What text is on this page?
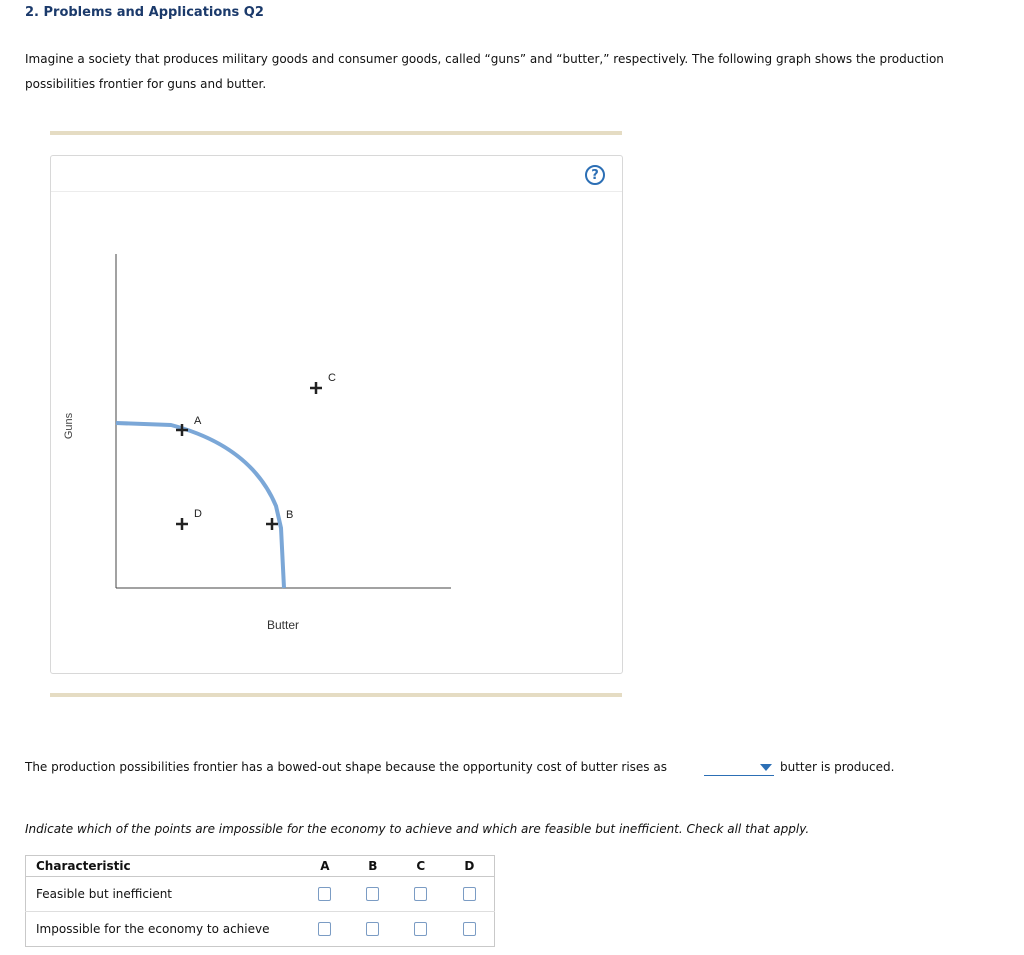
2. Problems and Applications Q2
Imagine a society that produces military goods and consumer goods, called “guns” and “butter,” respectively. The following graph shows the production possibilities frontier for guns and butter.
?
Guns
Butter
A
B
C
D
The production possibilities frontier has a bowed-out shape because the opportunity cost of butter rises as	butter is produced.
Indicate which of the points are impossible for the economy to achieve and which are feasible but inefficient. Check all that apply.
Characteristic	A	B	C	D
Feasible but inefficient				
Impossible for the economy to achieve				
